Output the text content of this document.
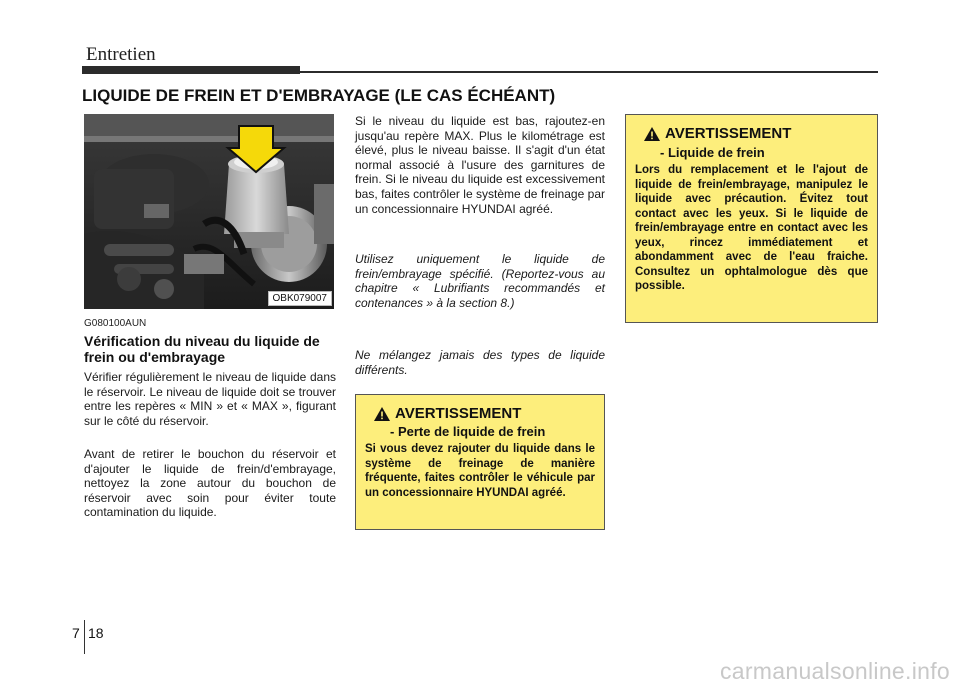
Entretien
LIQUIDE DE FREIN ET D'EMBRAYAGE (LE CAS ÉCHÉANT)
OBK079007
G080100AUN
Vérification du niveau du liquide de frein ou d'embrayage

Vérifier régulièrement le niveau de liquide dans le réservoir. Le niveau de liquide doit se trouver entre les repères « MIN » et « MAX », figurant sur le côté du réservoir.

Avant de retirer le bouchon du réservoir et d'ajouter le liquide de frein/d'embrayage, nettoyez la zone autour du bouchon de réservoir avec soin pour éviter toute contamination du liquide.

Si le niveau du liquide est bas, rajoutez-en jusqu'au repère MAX. Plus le kilométrage est élevé, plus le niveau baisse. Il s'agit d'un état normal associé à l'usure des garnitures de frein. Si le niveau du liquide est excessivement bas, faites contrôler le système de freinage par un concessionnaire HYUNDAI agréé.

Utilisez uniquement le liquide de frein/embrayage spécifié. (Reportez-vous au chapitre « Lubrifiants recommandés et contenances » à la section 8.)

Ne mélangez jamais des types de liquide différents.

AVERTISSEMENT
- Liquide de frein

Lors du remplacement et le l'ajout de liquide de frein/embrayage, manipulez le liquide avec précaution. Évitez tout contact avec les yeux. Si le liquide de frein/embrayage entre en contact avec les yeux, rincez immédiatement et abondamment avec de l'eau fraiche. Consultez un ophtalmologue dès que possible.

AVERTISSEMENT
- Perte de liquide de frein

Si vous devez rajouter du liquide dans le système de freinage de manière fréquente, faites contrôler le véhicule par un concessionnaire HYUNDAI agréé.

7 18
carmanualsonline.info
